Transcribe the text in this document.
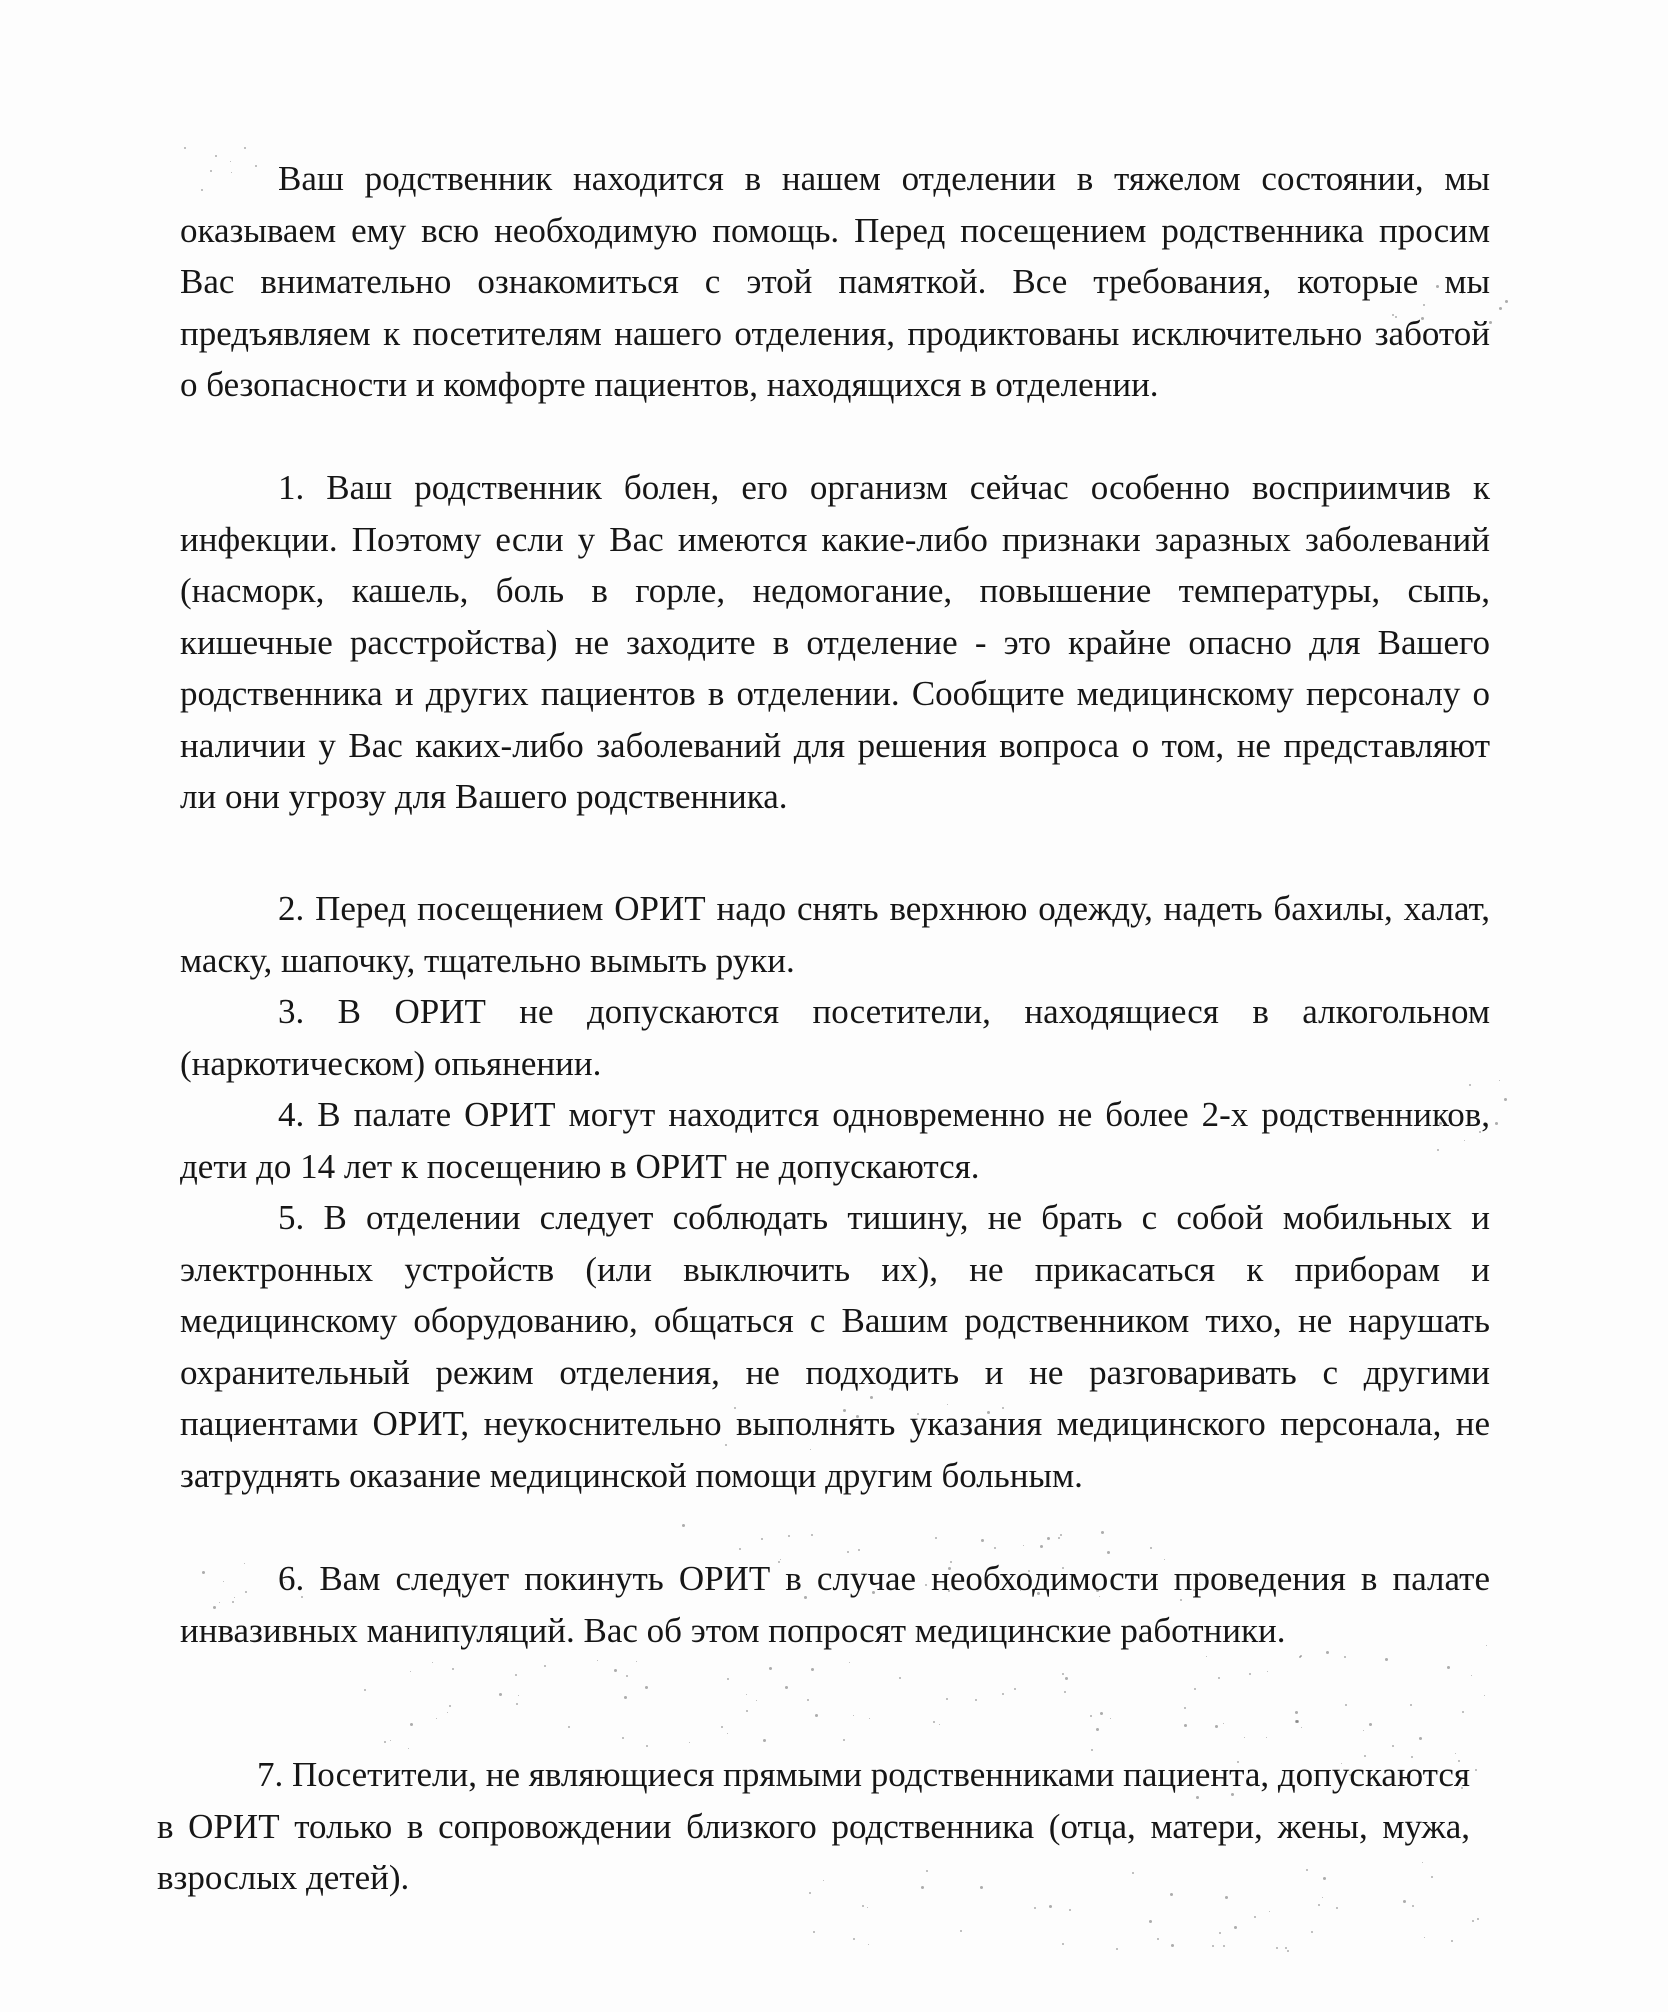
Ваш родственник находится в нашем отделении в тяжелом состоянии, мы оказываем ему всю необходимую помощь. Перед посещением родственника просим Вас внимательно ознакомиться с этой памяткой. Все требования, которые мы предъявляем к посетителям нашего отделения, продиктованы исключительно заботой о безопасности и комфорте пациентов, находящихся в отделении.

1. Ваш родственник болен, его организм сейчас особенно восприимчив к инфекции. Поэтому если у Вас имеются какие-либо признаки заразных заболеваний (насморк, кашель, боль в горле, недомогание, повышение температуры, сыпь, кишечные расстройства) не заходите в отделение - это крайне опасно для Вашего родственника и других пациентов в отделении. Сообщите медицинскому персоналу о наличии у Вас каких-либо заболеваний для решения вопроса о том, не представляют ли они угрозу для Вашего родственника.

2. Перед посещением ОРИТ надо снять верхнюю одежду, надеть бахилы, халат, маску, шапочку, тщательно вымыть руки.

3. В ОРИТ не допускаются посетители, находящиеся в алкогольном (наркотическом) опьянении.

4. В палате ОРИТ могут находится одновременно не более 2-х родственников, дети до 14 лет к посещению в ОРИТ не допускаются.

5. В отделении следует соблюдать тишину, не брать с собой мобильных и электронных устройств (или выключить их), не прикасаться к приборам и медицинскому оборудованию, общаться с Вашим родственником тихо, не нарушать охранительный режим отделения, не подходить и не разговаривать с другими пациентами ОРИТ, неукоснительно выполнять указания медицинского персонала, не затруднять оказание медицинской помощи другим больным.

6. Вам следует покинуть ОРИТ в случае необходимости проведения в палате инвазивных манипуляций. Вас об этом попросят медицинские работники.

7. Посетители, не являющиеся прямыми родственниками пациента, допускаются в ОРИТ только в сопровождении близкого родственника (отца, матери, жены, мужа, взрослых детей).
